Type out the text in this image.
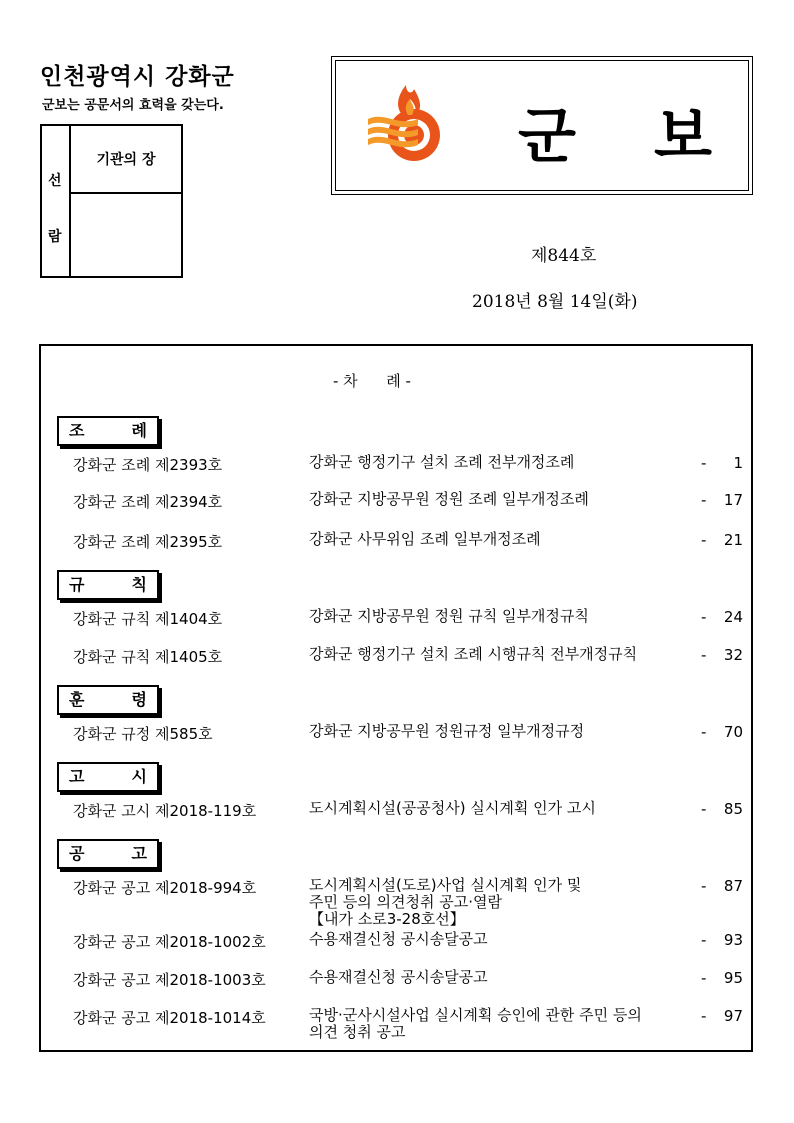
인천광역시 강화군
군보는 공문서의 효력을 갖는다.
선
람
기관의 장	군 보
제844호
2018년 8월 14일(화)
- 차      례 -
조	례
강화군 조례 제2393호	강화군 행정기구 설치 조례 전부개정조례	- 1
강화군 조례 제2394호	강화군 지방공무원 정원 조례 일부개정조례	- 17
강화군 조례 제2395호	강화군 사무위임 조례 일부개정조례	- 21
규	칙
강화군 규칙 제1404호	강화군 지방공무원 정원 규칙 일부개정규칙	- 24
강화군 규칙 제1405호	강화군 행정기구 설치 조례 시행규칙 전부개정규칙	- 32
훈	령
강화군 규정 제585호	강화군 지방공무원 정원규정 일부개정규정	- 70
고	시
강화군 고시 제2018-119호	도시계획시설(공공청사) 실시계획 인가 고시	- 85
공	고
강화군 공고 제2018-994호	도시계획시설(도로)사업 실시계획 인가 및
주민 등의 의견청취 공고·열람
【내가 소로3-28호선】
- 87
강화군 공고 제2018-1002호	수용재결신청 공시송달공고	- 93
강화군 공고 제2018-1003호	수용재결신청 공시송달공고	- 95
강화군 공고 제2018-1014호	국방·군사시설사업 실시계획 승인에 관한 주민 등의
의견 청취 공고
- 97
